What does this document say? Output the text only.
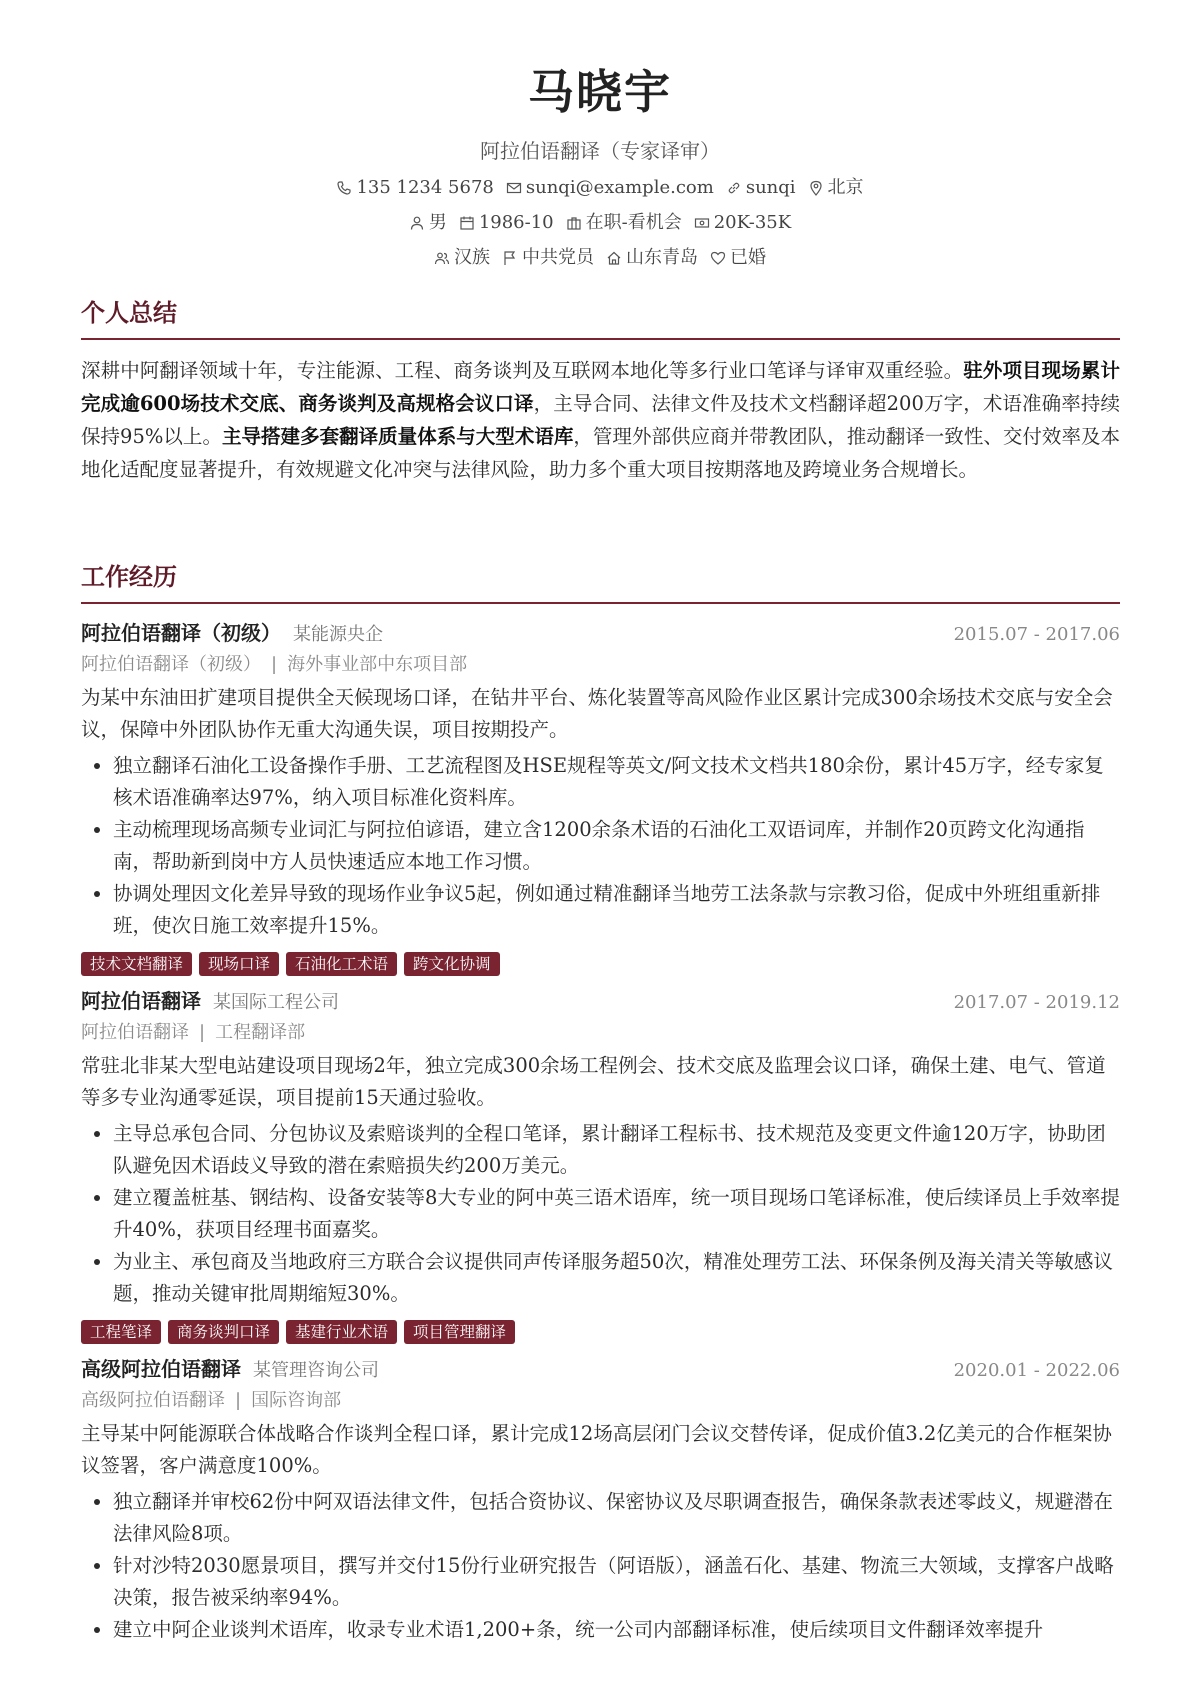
马晓宇
阿拉伯语翻译（专家译审）
135 1234 5678 sunqi@example.com sunqi 北京
男 1986-10 在职-看机会 20K-35K
汉族 中共党员 山东青岛 已婚
个人总结
深耕中阿翻译领域十年，专注能源、工程、商务谈判及互联网本地化等多行业口笔译与译审双重经验。驻外项目现场累计完成逾600场技术交底、商务谈判及高规格会议口译，主导合同、法律文件及技术文档翻译超200万字，术语准确率持续保持95%以上。主导搭建多套翻译质量体系与大型术语库，管理外部供应商并带教团队，推动翻译一致性、交付效率及本地化适配度显著提升，有效规避文化冲突与法律风险，助力多个重大项目按期落地及跨境业务合规增长。
工作经历
阿拉伯语翻译（初级） 某能源央企	2015.07 - 2017.06
阿拉伯语翻译（初级） | 海外事业部中东项目部
为某中东油田扩建项目提供全天候现场口译，在钻井平台、炼化装置等高风险作业区累计完成300余场技术交底与安全会议，保障中外团队协作无重大沟通失误，项目按期投产。
• 独立翻译石油化工设备操作手册、工艺流程图及HSE规程等英文/阿文技术文档共180余份，累计45万字，经专家复核术语准确率达97%，纳入项目标准化资料库。
• 主动梳理现场高频专业词汇与阿拉伯谚语，建立含1200余条术语的石油化工双语词库，并制作20页跨文化沟通指南，帮助新到岗中方人员快速适应本地工作习惯。
• 协调处理因文化差异导致的现场作业争议5起，例如通过精准翻译当地劳工法条款与宗教习俗，促成中外班组重新排班，使次日施工效率提升15%。
技术文档翻译	现场口译	石油化工术语	跨文化协调
阿拉伯语翻译 某国际工程公司	2017.07 - 2019.12
阿拉伯语翻译 | 工程翻译部
常驻北非某大型电站建设项目现场2年，独立完成300余场工程例会、技术交底及监理会议口译，确保土建、电气、管道等多专业沟通零延误，项目提前15天通过验收。
• 主导总承包合同、分包协议及索赔谈判的全程口笔译，累计翻译工程标书、技术规范及变更文件逾120万字，协助团队避免因术语歧义导致的潜在索赔损失约200万美元。
• 建立覆盖桩基、钢结构、设备安装等8大专业的阿中英三语术语库，统一项目现场口笔译标准，使后续译员上手效率提升40%，获项目经理书面嘉奖。
• 为业主、承包商及当地政府三方联合会议提供同声传译服务超50次，精准处理劳工法、环保条例及海关清关等敏感议题，推动关键审批周期缩短30%。
工程笔译	商务谈判口译	基建行业术语	项目管理翻译
高级阿拉伯语翻译 某管理咨询公司	2020.01 - 2022.06
高级阿拉伯语翻译 | 国际咨询部
主导某中阿能源联合体战略合作谈判全程口译，累计完成12场高层闭门会议交替传译，促成价值3.2亿美元的合作框架协议签署，客户满意度100%。
• 独立翻译并审校62份中阿双语法律文件，包括合资协议、保密协议及尽职调查报告，确保条款表述零歧义，规避潜在法律风险8项。
• 针对沙特2030愿景项目，撰写并交付15份行业研究报告（阿语版），涵盖石化、基建、物流三大领域，支撑客户战略决策，报告被采纳率94%。
• 建立中阿企业谈判术语库，收录专业术语1,200+条，统一公司内部翻译标准，使后续项目文件翻译效率提升
